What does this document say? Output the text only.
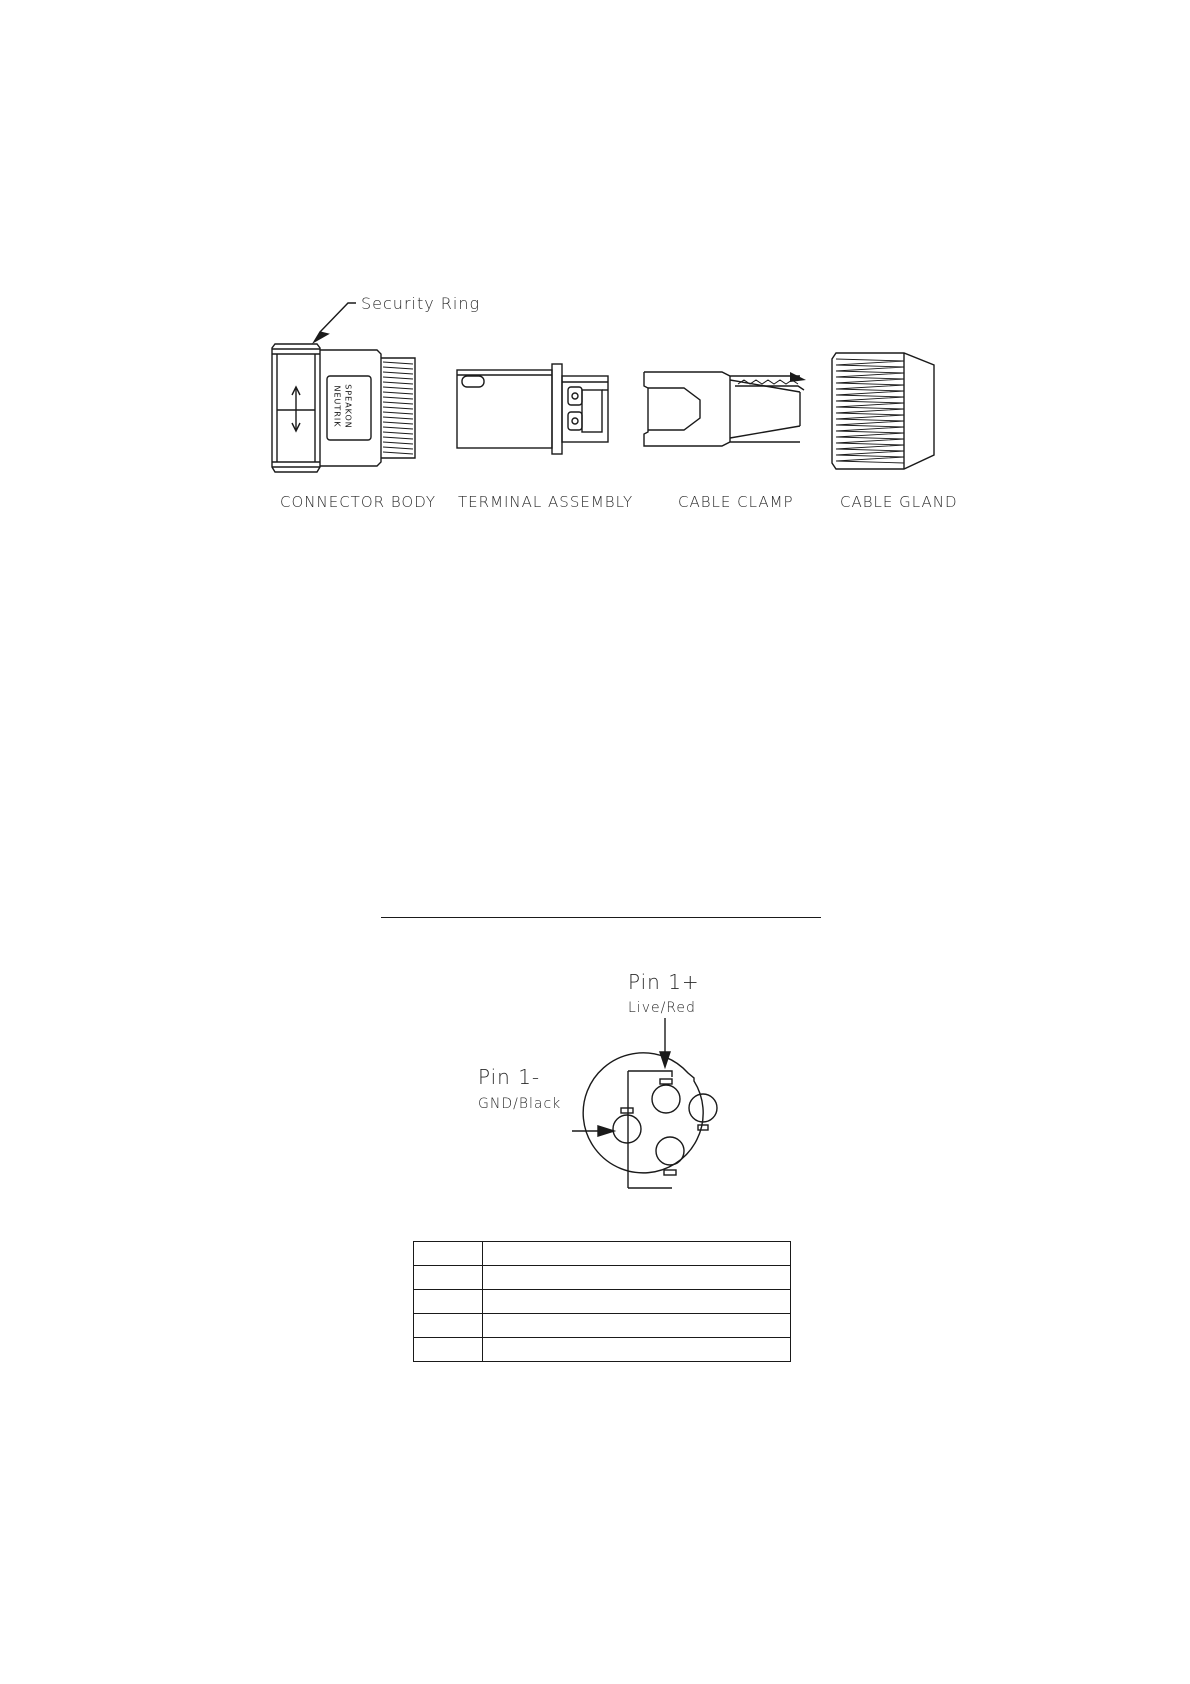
Security Ring
NEUTRIK SPEAKON
CONNECTOR BODY TERMINAL ASSEMBLY	CABLE CLAMP	CABLE GLAND
Pin 1+
Live/Red
Pin 1-
GND/Black
